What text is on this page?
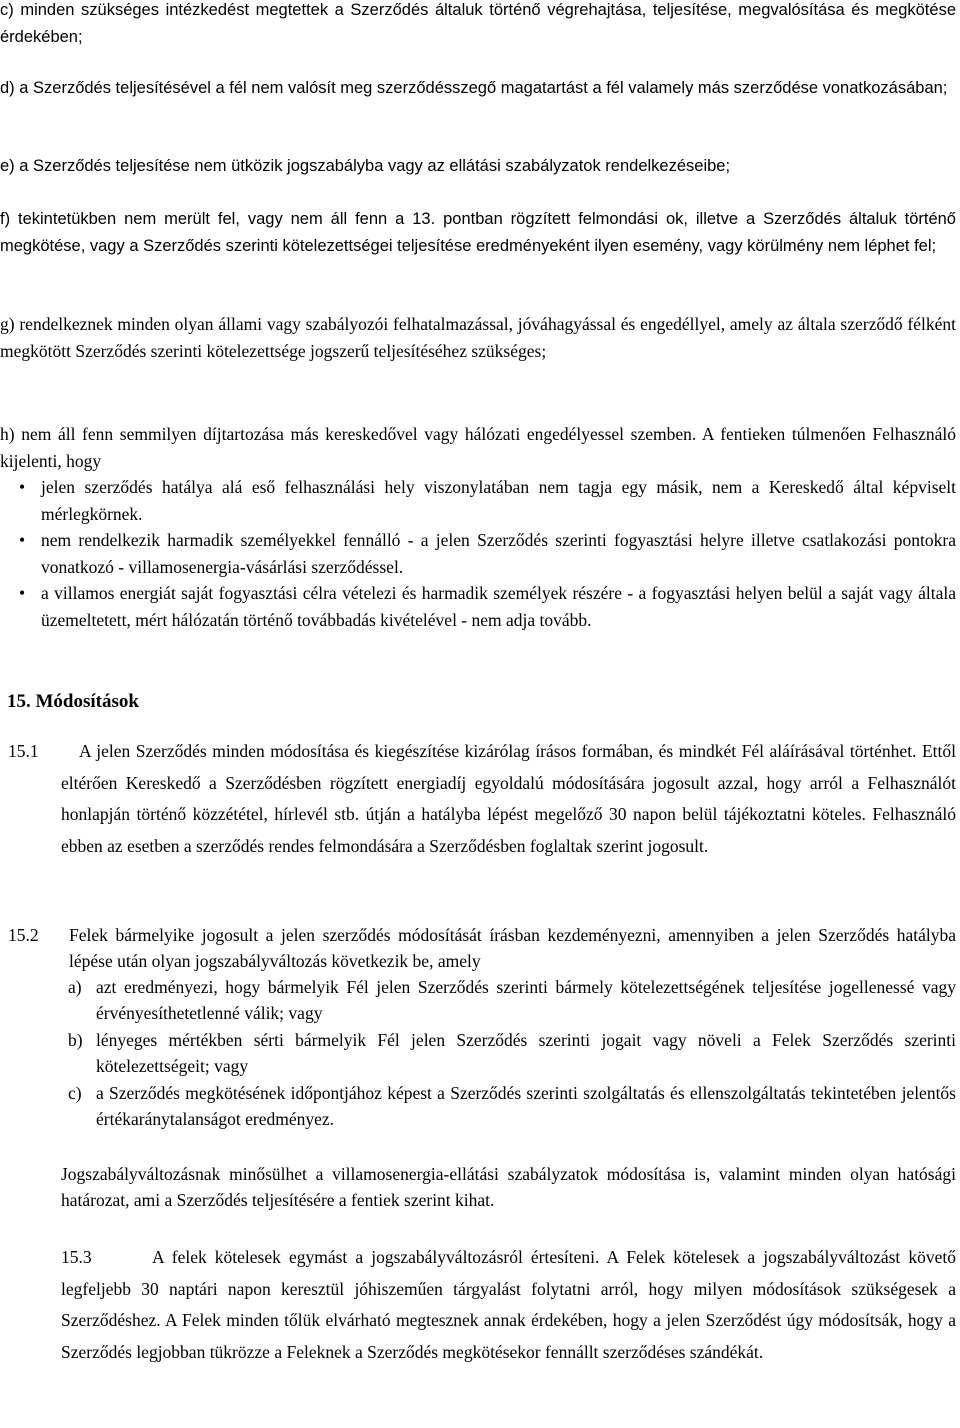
c) minden szükséges intézkedést megtettek a Szerződés általuk történő végrehajtása, teljesítése, megvalósítása és megkötése érdekében;

d) a Szerződés teljesítésével a fél nem valósít meg szerződésszegő magatartást a fél valamely más szerződése vonatkozásában;

e) a Szerződés teljesítése nem ütközik jogszabályba vagy az ellátási szabályzatok rendelkezéseibe;

f) tekintetükben nem merült fel, vagy nem áll fenn a 13. pontban rögzített felmondási ok, illetve a Szerződés általuk történő megkötése, vagy a Szerződés szerinti kötelezettségei teljesítése eredményeként ilyen esemény, vagy körülmény nem léphet fel;

g) rendelkeznek minden olyan állami vagy szabályozói felhatalmazással, jóváhagyással és engedéllyel, amely az általa szerződő félként megkötött Szerződés szerinti kötelezettsége jogszerű teljesítéséhez szükséges;

h) nem áll fenn semmilyen díjtartozása más kereskedővel vagy hálózati engedélyessel szemben. A fentieken túlmenően Felhasználó kijelenti, hogy

• jelen szerződés hatálya alá eső felhasználási hely viszonylatában nem tagja egy másik, nem a Kereskedő által képviselt mérlegkörnek.
• nem rendelkezik harmadik személyekkel fennálló - a jelen Szerződés szerinti fogyasztási helyre illetve csatlakozási pontokra vonatkozó - villamosenergia-vásárlási szerződéssel.
• a villamos energiát saját fogyasztási célra vételezi és harmadik személyek részére - a fogyasztási helyen belül a saját vagy általa üzemeltetett, mért hálózatán történő továbbadás kivételével - nem adja tovább.
15. Módosítások
15.1	A jelen Szerződés minden módosítása és kiegészítése kizárólag írásos formában, és mindkét Fél aláírásával történhet. Ettől eltérően Kereskedő a Szerződésben rögzített energiadíj egyoldalú módosítására jogosult azzal, hogy arról a Felhasználót honlapján történő közzététel, hírlevél stb. útján a hatályba lépést megelőző 30 napon belül tájékoztatni köteles. Felhasználó ebben az esetben a szerződés rendes felmondására a Szerződésben foglaltak szerint jogosult.

15.2 Felek bármelyike jogosult a jelen szerződés módosítását írásban kezdeményezni, amennyiben a jelen Szerződés hatályba lépése után olyan jogszabályváltozás következik be, amely

a) azt eredményezi, hogy bármelyik Fél jelen Szerződés szerinti bármely kötelezettségének teljesítése jogellenessé vagy érvényesíthetetlenné válik; vagy
b) lényeges mértékben sérti bármelyik Fél jelen Szerződés szerinti jogait vagy növeli a Felek Szerződés szerinti kötelezettségeit; vagy
c) a Szerződés megkötésének időpontjához képest a Szerződés szerinti szolgáltatás és ellenszolgáltatás tekintetében jelentős értékaránytalanságot eredményez.

Jogszabályváltozásnak minősülhet a villamosenergia-ellátási szabályzatok módosítása is, valamint minden olyan hatósági határozat, ami a Szerződés teljesítésére a fentiek szerint kihat.

15.3	A felek kötelesek egymást a jogszabályváltozásról értesíteni. A Felek kötelesek a jogszabályváltozást követő legfeljebb 30 naptári napon keresztül jóhiszeműen tárgyalást folytatni arról, hogy milyen módosítások szükségesek a Szerződéshez. A Felek minden tőlük elvárható megtesznek annak érdekében, hogy a jelen Szerződést úgy módosítsák, hogy a Szerződés legjobban tükrözze a Feleknek a Szerződés megkötésekor fennállt szerződéses szándékát.
